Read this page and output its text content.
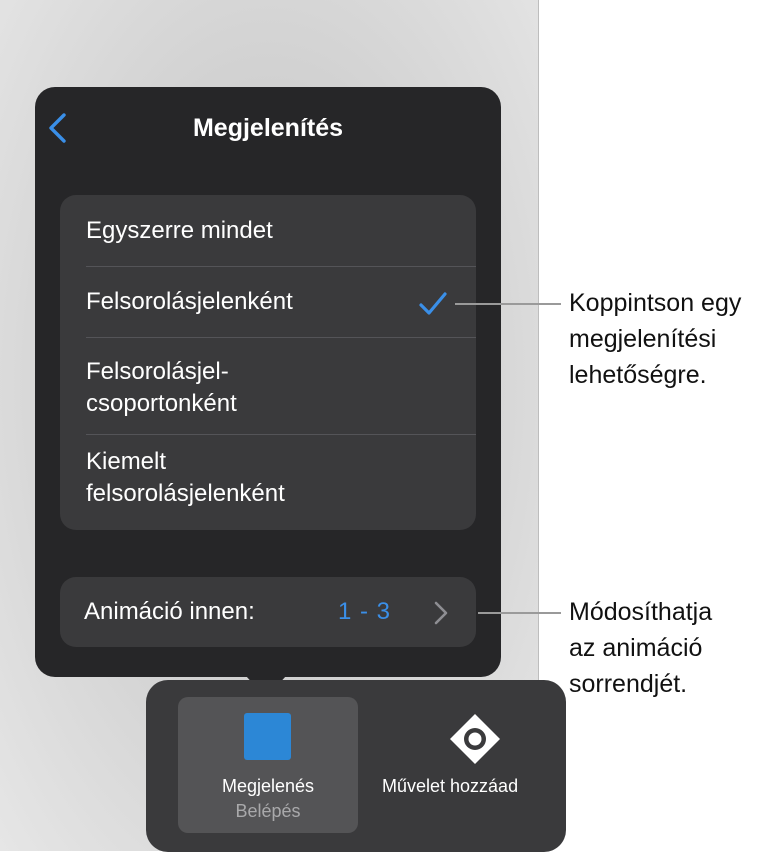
Megjelenítés
Egyszerre mindet
Felsorolásjelenként
Felsorolásjel-
csoportonként
Kiemelt
felsorolásjelenként
Animáció innen:	1 - 3
Megjelenés
Belépés
Művelet hozzáad
Koppintson egy
megjelenítési
lehetőségre.
Módosíthatja
az animáció
sorrendjét.
